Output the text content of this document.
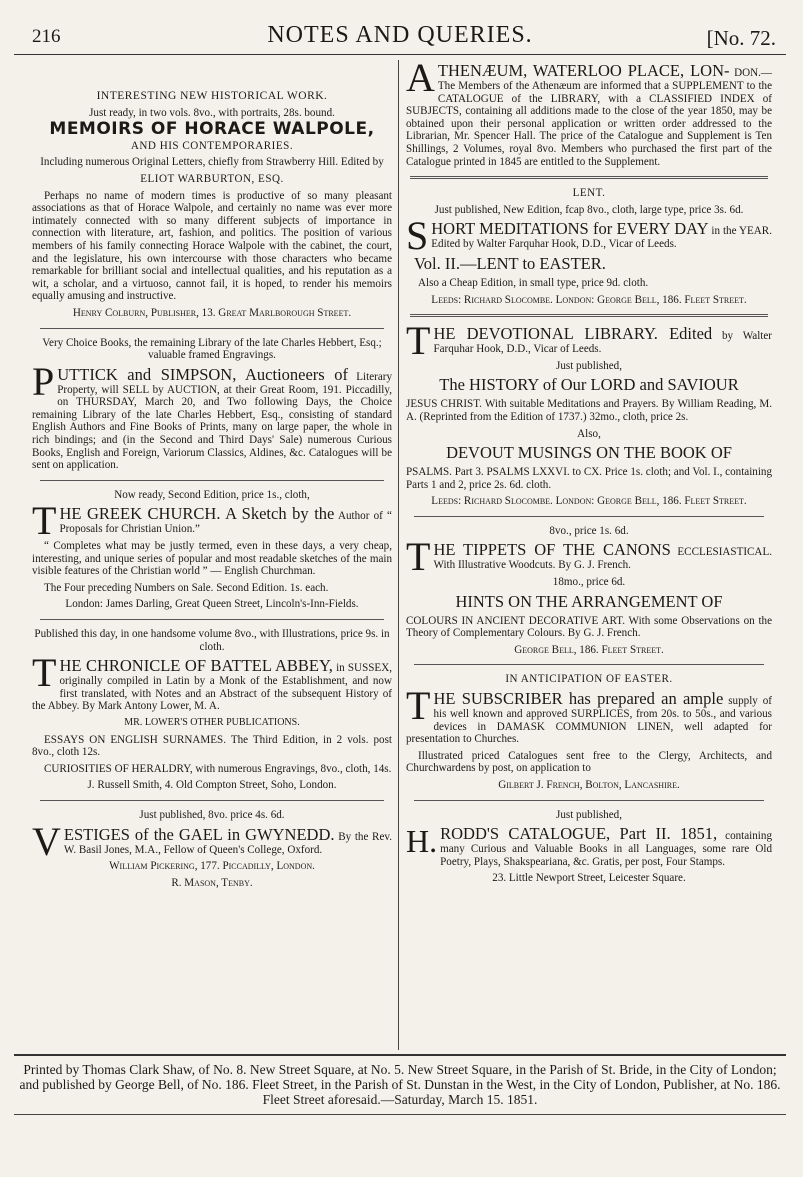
216	NOTES AND QUERIES.	[No. 72.
INTERESTING NEW HISTORICAL WORK.
Just ready, in two vols. 8vo., with portraits, 28s. bound.
MEMOIRS OF HORACE WALPOLE,
AND HIS CONTEMPORARIES.
Including numerous Original Letters, chiefly from Strawberry Hill. Edited by
ELIOT WARBURTON, ESQ.
Perhaps no name of modern times is productive of so many pleasant associations as that of Horace Walpole, and certainly no name was ever more intimately connected with so many different subjects of importance in connection with literature, art, fashion, and politics. The position of various members of his family connecting Horace Walpole with the cabinet, the court, and the legislature, his own intercourse with those characters who became remarkable for brilliant social and intellectual qualities, and his reputation as a wit, a scholar, and a virtuoso, cannot fail, it is hoped, to render his memoirs equally amusing and instructive.
Henry Colburn, Publisher, 13. Great Marlborough Street.
Very Choice Books, the remaining Library of the late Charles Hebbert, Esq.; valuable framed Engravings.
P UTTICK and SIMPSON, Auctioneers of Literary Property, will SELL by AUCTION, at their Great Room, 191. Piccadilly, on THURSDAY, March 20, and Two following Days, the Choice remaining Library of the late Charles Hebbert, Esq., consisting of standard English Authors and Fine Books of Prints, many on large paper, the whole in rich bindings; and (in the Second and Third Days' Sale) numerous Curious Books, English and Foreign, Variorum Classics, Aldines, &c. Catalogues will be sent on application.
Now ready, Second Edition, price 1s., cloth,
T HE GREEK CHURCH. A Sketch by the Author of “ Proposals for Christian Union.”
“ Completes what may be justly termed, even in these days, a very cheap, interesting, and unique series of popular and most readable sketches of the main visible features of the Christian world ” — English Churchman.
The Four preceding Numbers on Sale. Second Edition. 1s. each.
London: James Darling, Great Queen Street, Lincoln's-Inn-Fields.
Published this day, in one handsome volume 8vo., with Illustrations, price 9s. in cloth.
T HE CHRONICLE OF BATTEL ABBEY, in SUSSEX, originally compiled in Latin by a Monk of the Establishment, and now first translated, with Notes and an Abstract of the subsequent History of the Abbey. By Mark Antony Lower, M. A.
MR. LOWER'S OTHER PUBLICATIONS.
ESSAYS ON ENGLISH SURNAMES. The Third Edition, in 2 vols. post 8vo., cloth 12s.
CURIOSITIES OF HERALDRY, with numerous Engravings, 8vo., cloth, 14s.
J. Russell Smith, 4. Old Compton Street, Soho, London.
Just published, 8vo. price 4s. 6d.
V ESTIGES of the GAEL in GWYNEDD. By the Rev. W. Basil Jones, M.A., Fellow of Queen's College, Oxford.
William Pickering, 177. Piccadilly, London.
R. Mason, Tenby.
A THENÆUM, WATERLOO PLACE, LON- DON.—The Members of the Athenæum are informed that a SUPPLEMENT to the CATALOGUE of the LIBRARY, with a CLASSIFIED INDEX of SUBJECTS, containing all additions made to the close of the year 1850, may be obtained upon their personal application or written order addressed to the Librarian, Mr. Spencer Hall. The price of the Catalogue and Supplement is Ten Shillings, 2 Volumes, royal 8vo. Members who purchased the first part of the Catalogue printed in 1845 are entitled to the Supplement.
LENT.
Just published, New Edition, fcap 8vo., cloth, large type, price 3s. 6d.
S HORT MEDITATIONS for EVERY DAY in the YEAR. Edited by Walter Farquhar Hook, D.D., Vicar of Leeds.
Vol. II.—LENT to EASTER.
Also a Cheap Edition, in small type, price 9d. cloth.
Leeds: Richard Slocombe. London: George Bell, 186. Fleet Street.
T HE DEVOTIONAL LIBRARY. Edited by Walter Farquhar Hook, D.D., Vicar of Leeds.
Just published,
The HISTORY of Our LORD and SAVIOUR
JESUS CHRIST. With suitable Meditations and Prayers. By William Reading, M. A. (Reprinted from the Edition of 1737.) 32mo., cloth, price 2s.
Also,
DEVOUT MUSINGS ON THE BOOK OF
PSALMS. Part 3. PSALMS LXXVI. to CX. Price 1s. cloth; and Vol. I., containing Parts 1 and 2, price 2s. 6d. cloth.
Leeds: Richard Slocombe. London: George Bell, 186. Fleet Street.
8vo., price 1s. 6d.
T HE TIPPETS OF THE CANONS ECCLESIASTICAL. With Illustrative Woodcuts. By G. J. French.
18mo., price 6d.
HINTS ON THE ARRANGEMENT OF
COLOURS IN ANCIENT DECORATIVE ART. With some Observations on the Theory of Complementary Colours. By G. J. French.
George Bell, 186. Fleet Street.
IN ANTICIPATION OF EASTER.
T HE SUBSCRIBER has prepared an ample supply of his well known and approved SURPLICES, from 20s. to 50s., and various devices in DAMASK COMMUNION LINEN, well adapted for presentation to Churches.
Illustrated priced Catalogues sent free to the Clergy, Architects, and Churchwardens by post, on application to
Gilbert J. French, Bolton, Lancashire.
Just published,
H. RODD'S CATALOGUE, Part II. 1851, containing many Curious and Valuable Books in all Languages, some rare Old Poetry, Plays, Shakspeariana, &c. Gratis, per post, Four Stamps.
23. Little Newport Street, Leicester Square.
Printed by Thomas Clark Shaw, of No. 8. New Street Square, at No. 5. New Street Square, in the Parish of St. Bride, in the City of London; and published by George Bell, of No. 186. Fleet Street, in the Parish of St. Dunstan in the West, in the City of London, Publisher, at No. 186. Fleet Street aforesaid.—Saturday, March 15. 1851.
